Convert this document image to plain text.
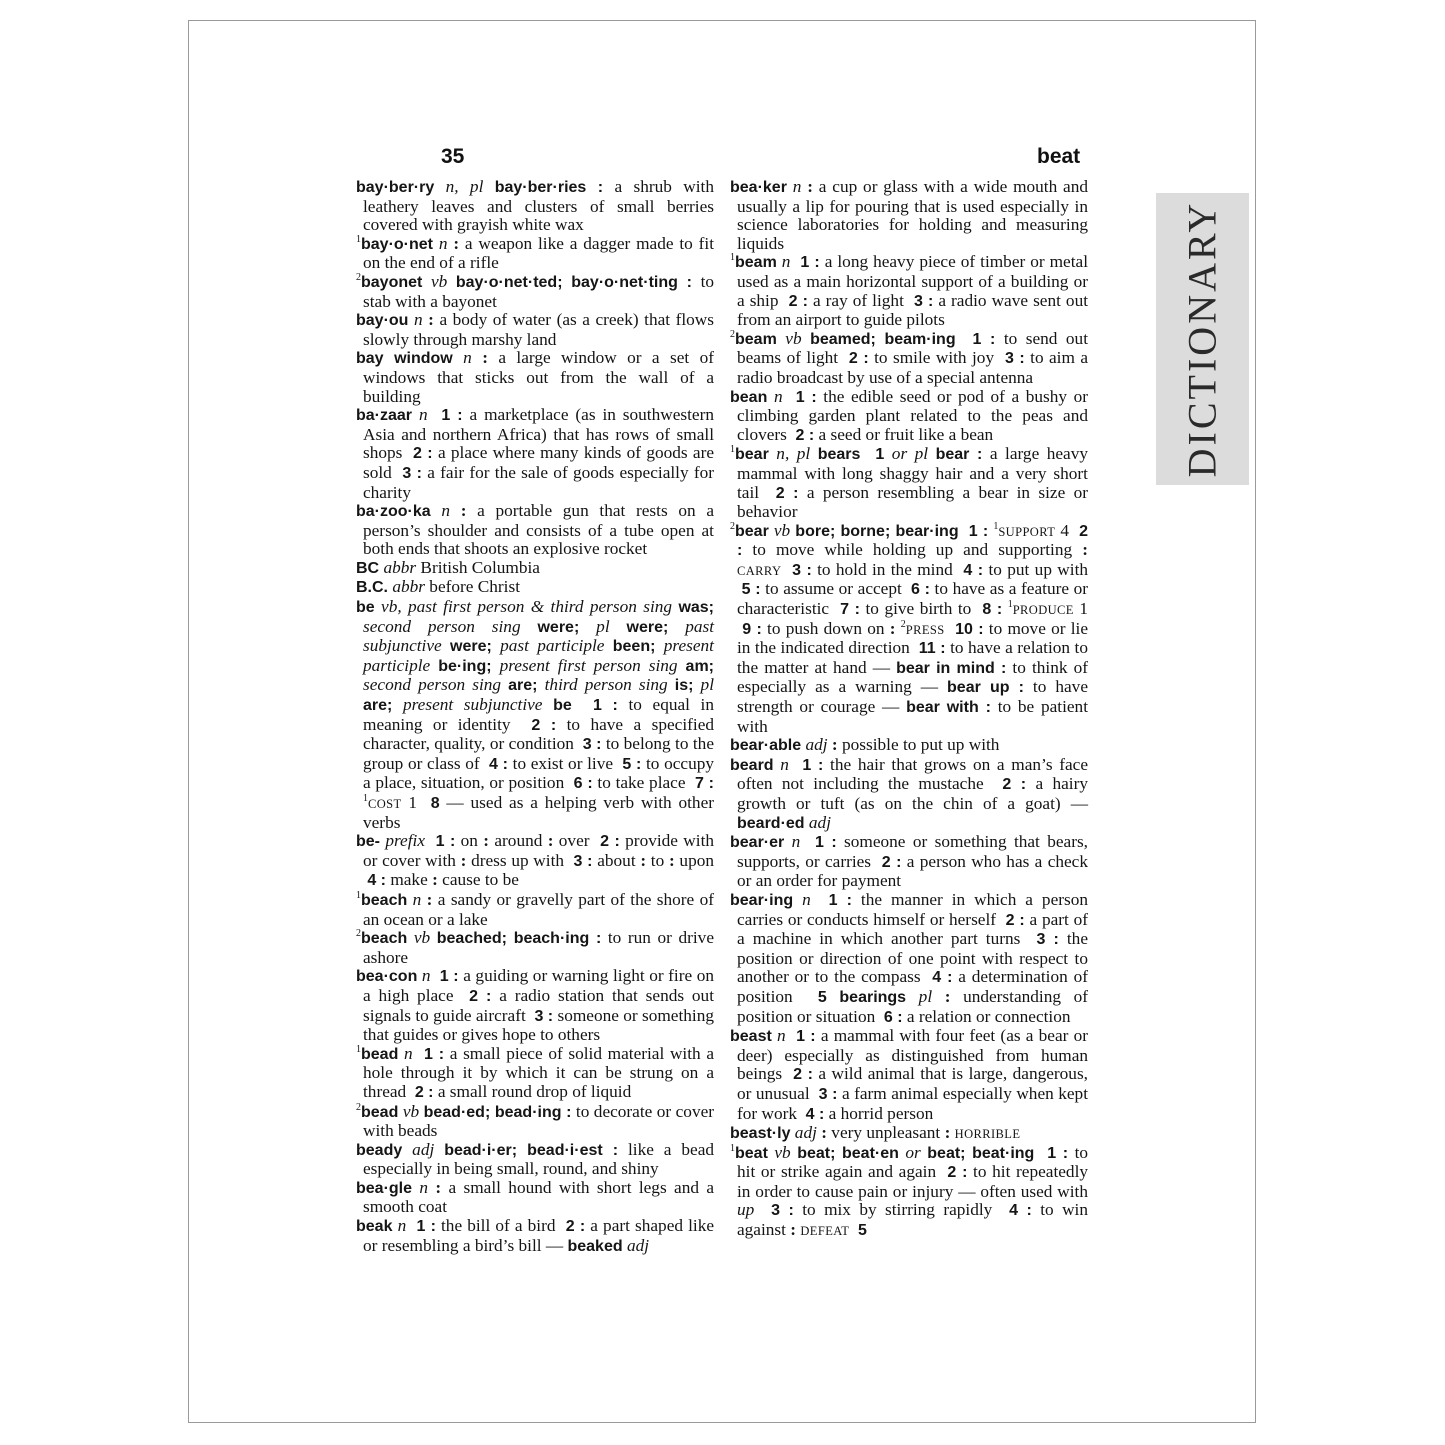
35	beat

bay·ber·ry n, pl bay·ber·ries : a shrub with leathery leaves and clusters of small berries covered with grayish white wax

$^1$bay·o·net n : a weapon like a dagger made to fit on the end of a rifle

$^2$bayonet vb bay·o·net·ted; bay·o·net·ting : to stab with a bayonet

bay·ou n : a body of water (as a creek) that flows slowly through marshy land

bay window n : a large window or a set of windows that sticks out from the wall of a building

ba·zaar n 1 : a marketplace (as in southwestern Asia and northern Africa) that has rows of small shops  2 : a place where many kinds of goods are sold  3 : a fair for the sale of goods especially for charity

ba·zoo·ka n : a portable gun that rests on a person’s shoulder and consists of a tube open at both ends that shoots an explosive rocket

BC abbr British Columbia

B.C. abbr before Christ

be vb, past first person & third person sing was; second person sing were; pl were; past subjunctive were; past participle been; present participle be·ing; present first person sing am; second person sing are; third person sing is; pl are; present subjunctive be 1 : to equal in meaning or identity  2 : to have a specified character, quality, or condition  3 : to belong to the group or class of  4 : to exist or live  5 : to occupy a place, situation, or position  6 : to take place  7 : $^1$COST 1  8 — used as a helping verb with other verbs

be- prefix 1 : on : around : over  2 : provide with or cover with : dress up with  3 : about : to : upon  4 : make : cause to be

$^1$beach n : a sandy or gravelly part of the shore of an ocean or a lake

$^2$beach vb beached; beach·ing : to run or drive ashore

bea·con n 1 : a guiding or warning light or fire on a high place  2 : a radio station that sends out signals to guide aircraft  3 : someone or something that guides or gives hope to others

$^1$bead n 1 : a small piece of solid material with a hole through it by which it can be strung on a thread  2 : a small round drop of liquid

$^2$bead vb bead·ed; bead·ing : to decorate or cover with beads

beady adj bead·i·er; bead·i·est : like a bead especially in being small, round, and shiny

bea·gle n : a small hound with short legs and a smooth coat

beak n 1 : the bill of a bird  2 : a part shaped like or resembling a bird’s bill — beaked adj

bea·ker n : a cup or glass with a wide mouth and usually a lip for pouring that is used especially in science laboratories for holding and measuring liquids

$^1$beam n 1 : a long heavy piece of timber or metal used as a main horizontal support of a building or a ship  2 : a ray of light  3 : a radio wave sent out from an airport to guide pilots

$^2$beam vb beamed; beam·ing 1 : to send out beams of light  2 : to smile with joy  3 : to aim a radio broadcast by use of a special antenna

bean n 1 : the edible seed or pod of a bushy or climbing garden plant related to the peas and clovers  2 : a seed or fruit like a bean

$^1$bear n, pl bears 1 or pl bear : a large heavy mammal with long shaggy hair and a very short tail  2 : a person resembling a bear in size or behavior

$^2$bear vb bore; borne; bear·ing 1 : $^1$SUPPORT 4  2 : to move while holding up and supporting : CARRY 3 : to hold in the mind  4 : to put up with  5 : to assume or accept  6 : to have as a feature or characteristic  7 : to give birth to  8 : $^1$PRODUCE 1  9 : to push down on : $^2$PRESS 10 : to move or lie in the indicated direction  11 : to have a relation to the matter at hand — bear in mind : to think of especially as a warning — bear up : to have strength or courage — bear with : to be patient with

bear·able adj : possible to put up with

beard n 1 : the hair that grows on a man’s face often not including the mustache  2 : a hairy growth or tuft (as on the chin of a goat) — beard·ed adj

bear·er n 1 : someone or something that bears, supports, or carries  2 : a person who has a check or an order for payment

bear·ing n 1 : the manner in which a person carries or conducts himself or herself  2 : a part of a machine in which another part turns  3 : the position or direction of one point with respect to another or to the compass  4 : a determination of position  5 bearings pl : understanding of position or situation  6 : a relation or connection

beast n 1 : a mammal with four feet (as a bear or deer) especially as distinguished from human beings  2 : a wild animal that is large, dangerous, or unusual  3 : a farm animal especially when kept for work  4 : a horrid person

beast·ly adj : very unpleasant : HORRIBLE

$^1$beat vb beat; beat·en or beat; beat·ing 1 : to hit or strike again and again  2 : to hit repeatedly in order to cause pain or injury — often used with up 3 : to mix by stirring rapidly  4 : to win against : DEFEAT 5

DICTIONARY
